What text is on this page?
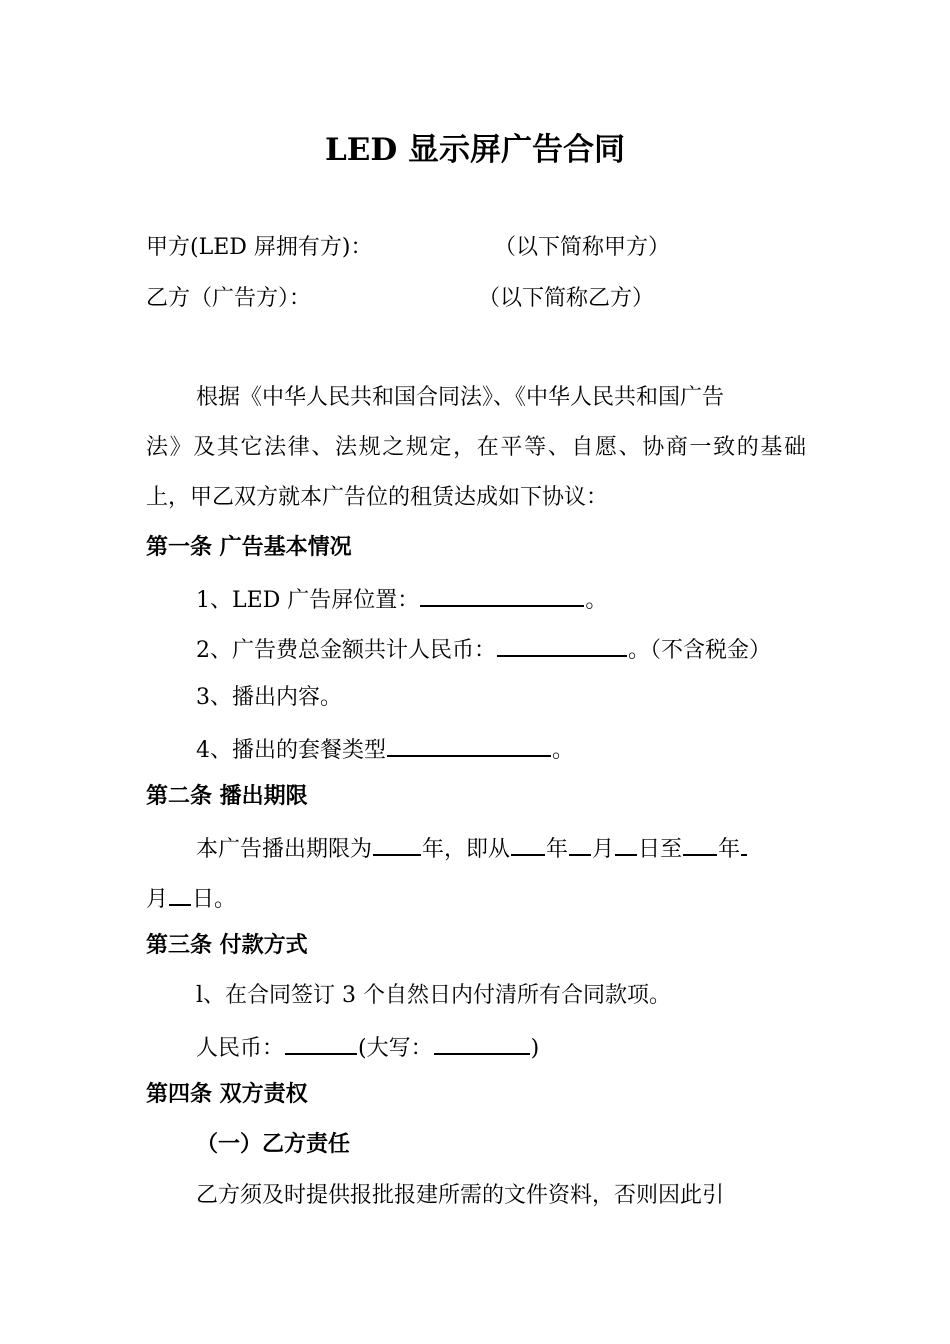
LED 显示屏广告合同
甲方(LED 屏拥有方)：	（以下简称甲方）
乙方（广告方）：	（以下简称乙方）
根据《中华人民共和国合同法》、《中华人民共和国广告
法》及其它法律、法规之规定，在平等、自愿、协商一致的基础
上，甲乙双方就本广告位的租赁达成如下协议：
第一条 广告基本情况
1、LED 广告屏位置：	。
2、广告费总金额共计人民币：	。（不含税金）
3、播出内容。
4、播出的套餐类型	。
第二条 播出期限
本广告播出期限为 年，即从 年 月 日至 年
月 日。
第三条 付款方式
l、在合同签订 3 个自然日内付清所有合同款项。
人民币：	(大写：	)
第四条 双方责权
（一）乙方责任
乙方须及时提供报批报建所需的文件资料，否则因此引
